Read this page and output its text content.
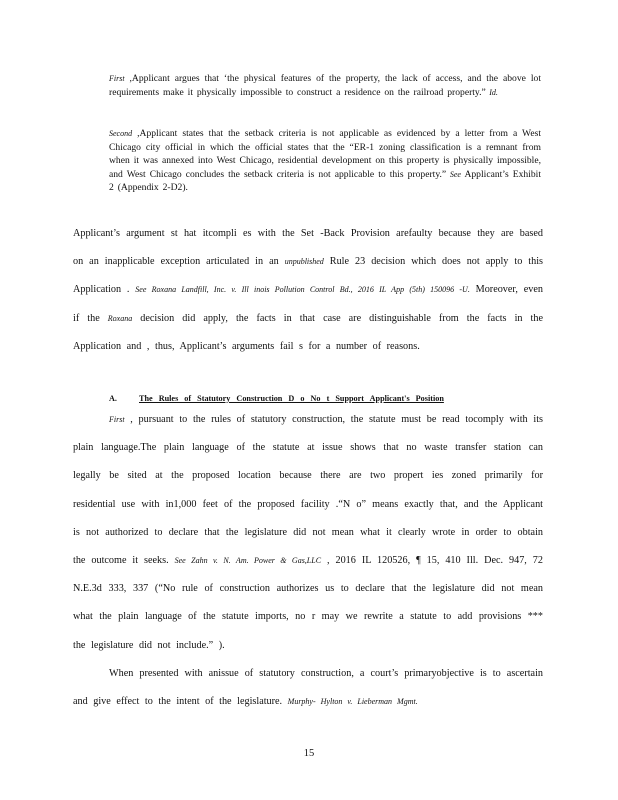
First ,Applicant argues that ‘the physical features of the property, the lack of access, and the above lot requirements make it physically impossible to construct a residence on the railroad property.” Id.
Second ,Applicant states that the setback criteria is not applicable as evidenced by a letter from a West Chicago city official in which the official states that the “ER-1 zoning classification is a remnant from when it was annexed into West Chicago, residential development on this property is physically impossible, and West Chicago concludes the setback criteria is not applicable to this property.” See Applicant’s Exhibit 2 (Appendix 2-D2).
Applicant’s argument st hat itcompli es with the Set -Back Provision arefaulty because they are based on an inapplicable exception articulated in an unpublished Rule 23 decision which does not apply to this Application . See Roxana Landfill, Inc. v. Ill inois Pollution Control Bd., 2016 IL App (5th) 150096 -U. Moreover, even if the Roxana decision did apply, the facts in that case are distinguishable from the facts in the Application and , thus, Applicant’s arguments fail s for a number of reasons.
A.	The Rules of Statutory Construction D o No t Support Applicant's Position
First , pursuant to the rules of statutory construction, the statute must be read tocomply with its plain language.The plain language of the statute at issue shows that no waste transfer station can legally be sited at the proposed location because there are two propert ies zoned primarily for residential use with in1,000 feet of the proposed facility .“N o” means exactly that, and the Applicant is not authorized to declare that the legislature did not mean what it clearly wrote in order to obtain the outcome it seeks. See Zahn v. N. Am. Power & Gas,LLC , 2016 IL 120526, ¶ 15, 410 Ill. Dec. 947, 72 N.E.3d 333, 337 (“No rule of construction authorizes us to declare that the legislature did not mean what the plain language of the statute imports, no r may we rewrite a statute to add provisions *** the legislature did not include.” ).
When presented with anissue of statutory construction, a court’s primaryobjective is to ascertain and give effect to the intent of the legislature. Murphy- Hylton v. Lieberman Mgmt.
15
